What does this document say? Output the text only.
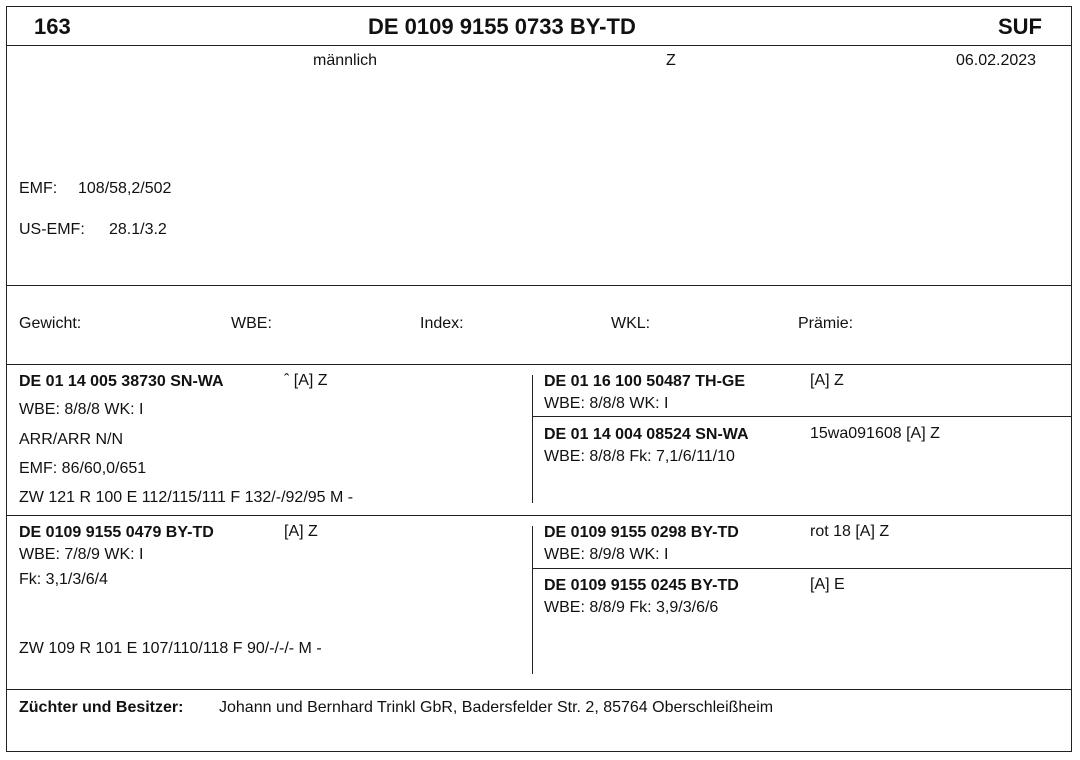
163	DE 0109 9155 0733 BY-TD	SUF
männlich	Z	06.02.2023
EMF: 108/58,2/502
US-EMF: 28.1/3.2
Gewicht:	WBE:	Index:	WKL:	Prämie:
DE 01 14 005 38730 SN-WA	ˆ [A] Z
WBE: 8/8/8 WK: I
ARR/ARR N/N
EMF: 86/60,0/651
ZW 121 R 100 E 112/115/111 F 132/-/92/95 M -
DE 01 16 100 50487 TH-GE	[A] Z
WBE: 8/8/8 WK: I
DE 01 14 004 08524 SN-WA	15wa091608 [A] Z
WBE: 8/8/8 Fk: 7,1/6/11/10
DE 0109 9155 0479 BY-TD	[A] Z
WBE: 7/8/9 WK: I
Fk: 3,1/3/6/4
ZW 109 R 101 E 107/110/118 F 90/-/-/- M -
DE 0109 9155 0298 BY-TD	rot 18 [A] Z
WBE: 8/9/8 WK: I
DE 0109 9155 0245 BY-TD	[A] E
WBE: 8/8/9 Fk: 3,9/3/6/6
Züchter und Besitzer: Johann und Bernhard Trinkl GbR, Badersfelder Str. 2, 85764 Oberschleißheim
